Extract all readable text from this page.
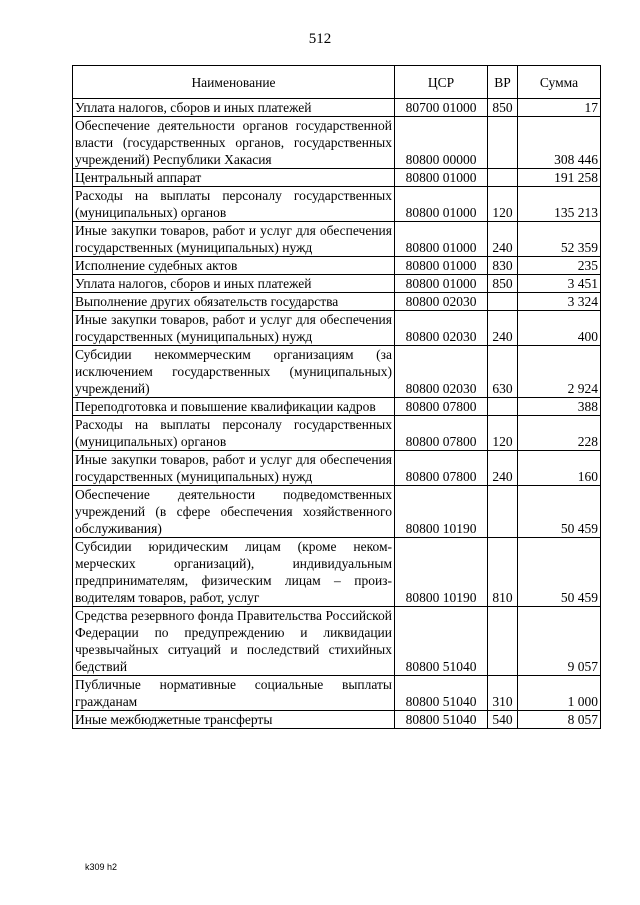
512
Наименование	ЦСР	ВР	Сумма
Уплата налогов, сборов и иных платежей	80700 01000	850	17
Обеспечение деятельности органов государственной власти (государственных органов, государственных учреждений) Республики Хакасия	80800 00000		308 446
Центральный аппарат	80800 01000		191 258
Расходы на выплаты персоналу государственных (муниципальных) органов	80800 01000	120	135 213
Иные закупки товаров, работ и услуг для обеспечения государственных (муниципальных) нужд	80800 01000	240	52 359
Исполнение судебных актов	80800 01000	830	235
Уплата налогов, сборов и иных платежей	80800 01000	850	3 451
Выполнение других обязательств государства	80800 02030		3 324
Иные закупки товаров, работ и услуг для обеспечения государственных (муниципальных) нужд	80800 02030	240	400
Субсидии некоммерческим организациям (за исключением государственных (муниципальных) учреждений)	80800 02030	630	2 924
Переподготовка и повышение квалификации кадров	80800 07800		388
Расходы на выплаты персоналу государственных (муниципальных) органов	80800 07800	120	228
Иные закупки товаров, работ и услуг для обеспечения государственных (муниципальных) нужд	80800 07800	240	160
Обеспечение деятельности подведомственных учреждений (в сфере обеспечения хозяйственного обслуживания)	80800 10190		50 459
Субсидии юридическим лицам (кроме некоммерческих организаций), индивидуальным предпринимателям, физическим лицам – производителям товаров, работ, услуг	80800 10190	810	50 459
Средства резервного фонда Правительства Российской Федерации по предупреждению и ликвидации чрезвычайных ситуаций и последствий стихийных бедствий	80800 51040		9 057
Публичные нормативные социальные выплаты гражданам	80800 51040	310	1 000
Иные межбюджетные трансферты	80800 51040	540	8 057
k309 h2
